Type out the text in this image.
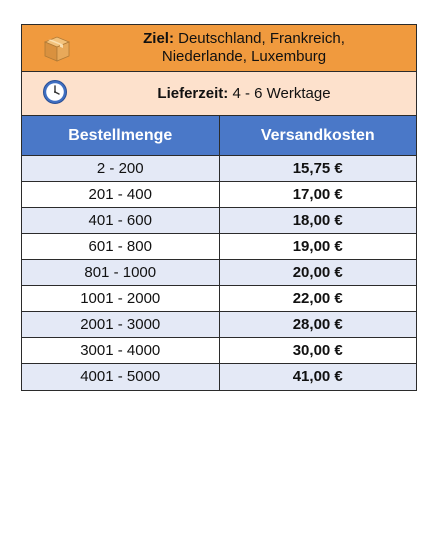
Ziel: Deutschland, Frankreich,
Niederlande, Luxemburg
Lieferzeit: 4 - 6 Werktage
Bestellmenge	Versandkosten
2 - 200	15,75 €
201 - 400	17,00 €
401 - 600	18,00 €
601 - 800	19,00 €
801 - 1000	20,00 €
1001 - 2000	22,00 €
2001 - 3000	28,00 €
3001 - 4000	30,00 €
4001 - 5000	41,00 €
